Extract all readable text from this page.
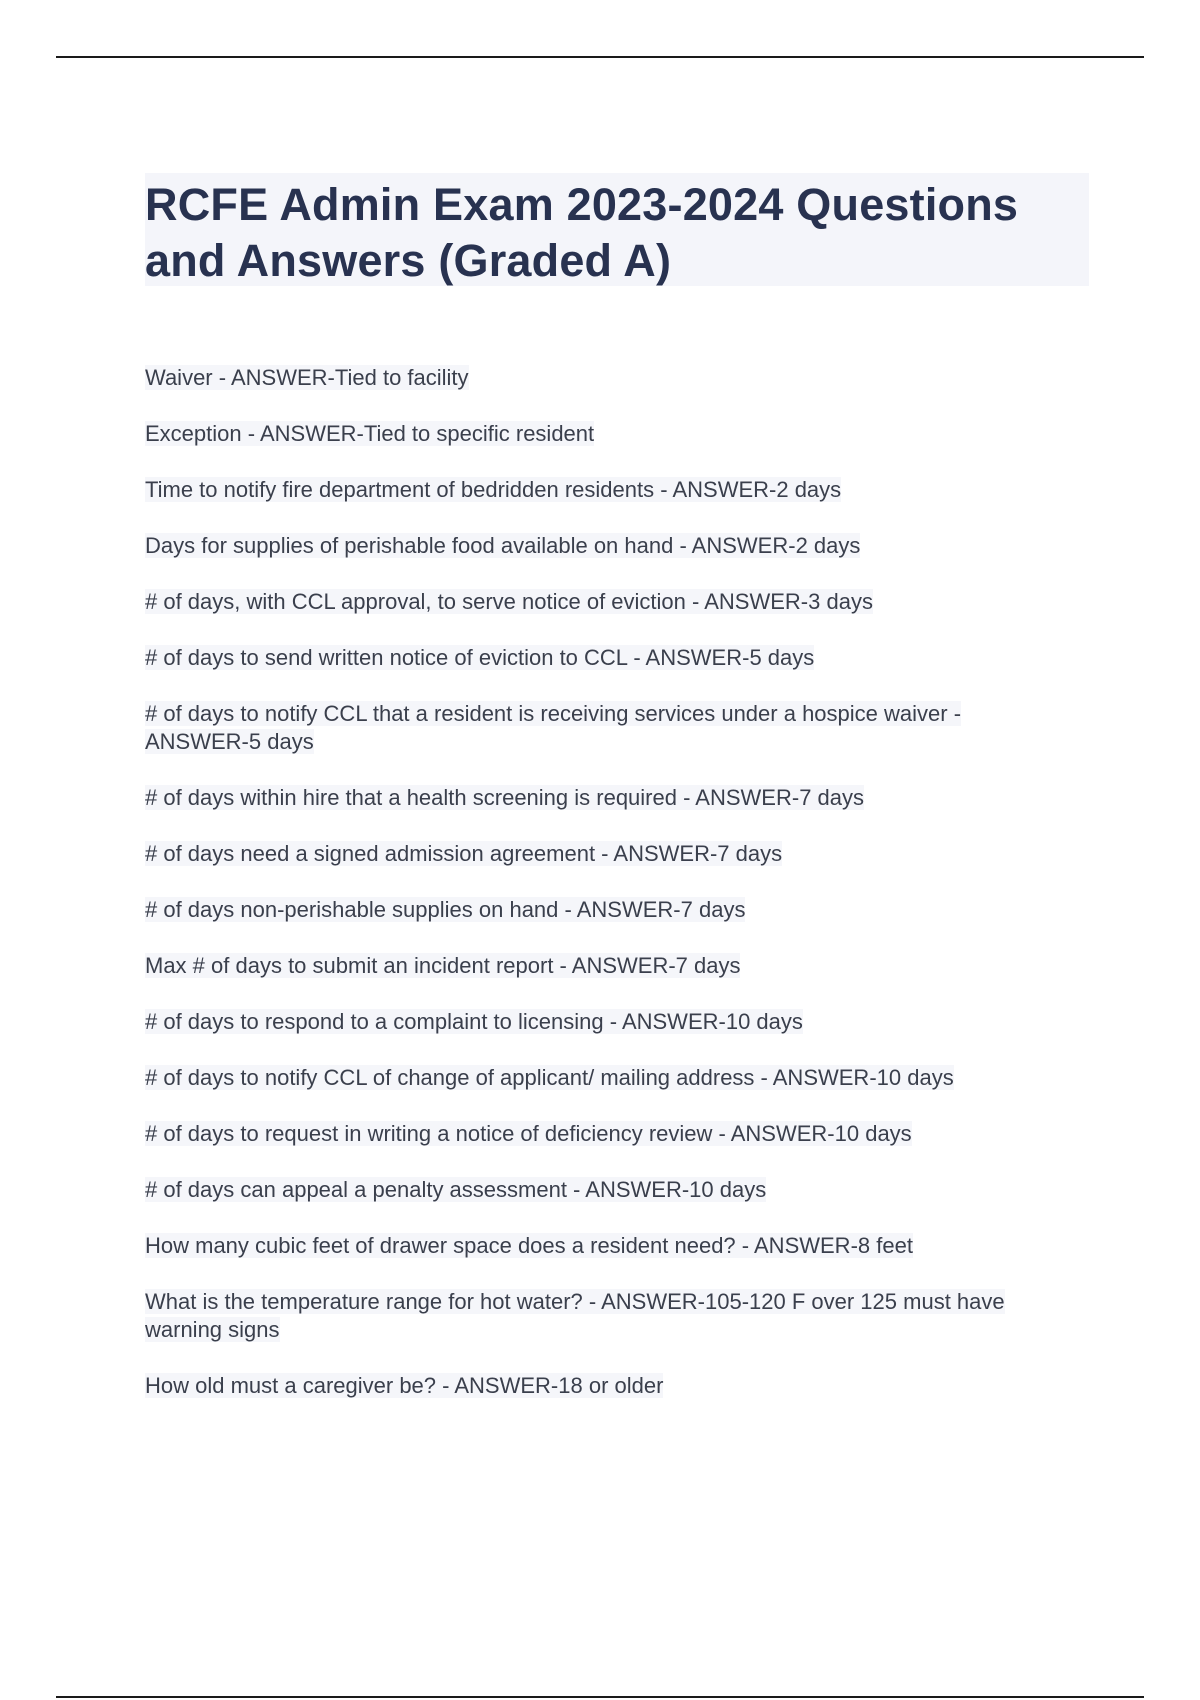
RCFE Admin Exam 2023-2024 Questions and Answers (Graded A)
Waiver - ANSWER-Tied to facility
Exception - ANSWER-Tied to specific resident
Time to notify fire department of bedridden residents - ANSWER-2 days
Days for supplies of perishable food available on hand - ANSWER-2 days
# of days, with CCL approval, to serve notice of eviction - ANSWER-3 days
# of days to send written notice of eviction to CCL - ANSWER-5 days
# of days to notify CCL that a resident is receiving services under a hospice waiver - ANSWER-5 days
# of days within hire that a health screening is required - ANSWER-7 days
# of days need a signed admission agreement - ANSWER-7 days
# of days non-perishable supplies on hand - ANSWER-7 days
Max # of days to submit an incident report - ANSWER-7 days
# of days to respond to a complaint to licensing - ANSWER-10 days
# of days to notify CCL of change of applicant/ mailing address - ANSWER-10 days
# of days to request in writing a notice of deficiency review - ANSWER-10 days
# of days can appeal a penalty assessment - ANSWER-10 days
How many cubic feet of drawer space does a resident need? - ANSWER-8 feet
What is the temperature range for hot water? - ANSWER-105-120 F over 125 must have warning signs
How old must a caregiver be? - ANSWER-18 or older
